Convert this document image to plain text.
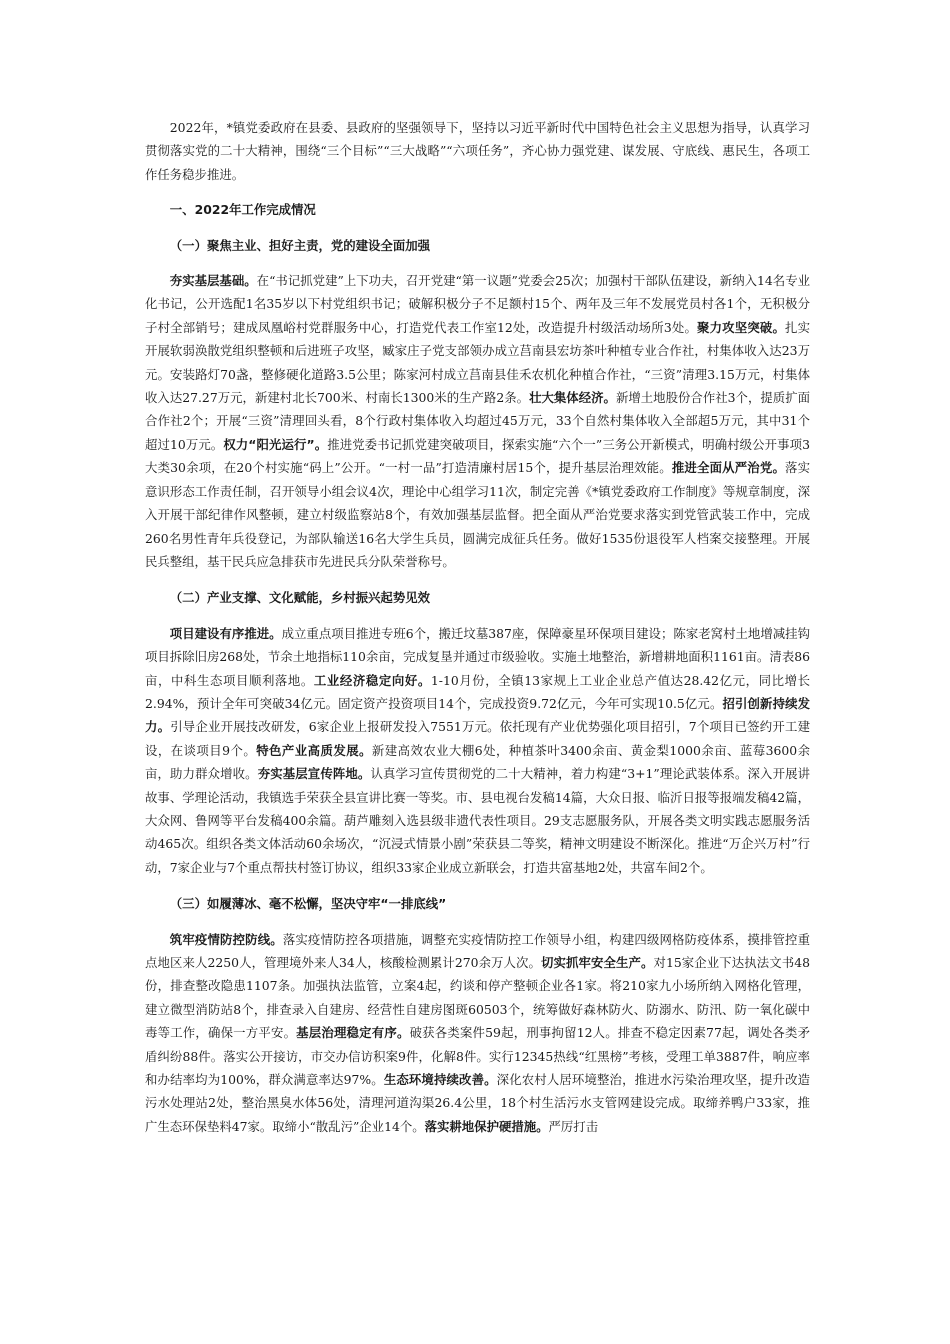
2022年，*镇党委政府在县委、县政府的坚强领导下，坚持以习近平新时代中国特色社会主义思想为指导，认真学习贯彻落实党的二十大精神，围绕“三个目标”“三大战略”“六项任务”，齐心协力强党建、谋发展、守底线、惠民生，各项工作任务稳步推进。

一、2022年工作完成情况

（一）聚焦主业、担好主责，党的建设全面加强

夯实基层基础。在“书记抓党建”上下功夫，召开党建“第一议题”党委会25次；加强村干部队伍建设，新纳入14名专业化书记，公开选配1名35岁以下村党组织书记；破解积极分子不足额村15个、两年及三年不发展党员村各1个，无积极分子村全部销号；建成凤凰峪村党群服务中心，打造党代表工作室12处，改造提升村级活动场所3处。聚力攻坚突破。扎实开展软弱涣散党组织整顿和后进班子攻坚，臧家庄子党支部领办成立莒南县宏坊茶叶种植专业合作社，村集体收入达23万元。安装路灯70盏，整修硬化道路3.5公里；陈家河村成立莒南县佳禾农机化种植合作社，“三资”清理3.15万元，村集体收入达27.27万元，新建村北长700米、村南长1300米的生产路2条。壮大集体经济。新增土地股份合作社3个，提质扩面合作社2个；开展“三资”清理回头看，8个行政村集体收入均超过45万元，33个自然村集体收入全部超5万元，其中31个超过10万元。权力“阳光运行”。推进党委书记抓党建突破项目，探索实施“六个一”三务公开新模式，明确村级公开事项3大类30余项，在20个村实施“码上”公开。“一村一品”打造清廉村居15个，提升基层治理效能。推进全面从严治党。落实意识形态工作责任制，召开领导小组会议4次，理论中心组学习11次，制定完善《*镇党委政府工作制度》等规章制度，深入开展干部纪律作风整顿，建立村级监察站8个，有效加强基层监督。把全面从严治党要求落实到党管武装工作中，完成260名男性青年兵役登记，为部队输送16名大学生兵员，圆满完成征兵任务。做好1535份退役军人档案交接整理。开展民兵整组，基干民兵应急排获市先进民兵分队荣誉称号。

（二）产业支撑、文化赋能，乡村振兴起势见效

项目建设有序推进。成立重点项目推进专班6个，搬迁坟墓387座，保障豪星环保项目建设；陈家老窝村土地增减挂钩项目拆除旧房268处，节余土地指标110余亩，完成复垦并通过市级验收。实施土地整治，新增耕地面积1161亩。清表86亩，中科生态项目顺利落地。工业经济稳定向好。1-10月份，全镇13家规上工业企业总产值达28.42亿元，同比增长2.94%，预计全年可突破34亿元。固定资产投资项目14个，完成投资9.72亿元，今年可实现10.5亿元。招引创新持续发力。引导企业开展技改研发，6家企业上报研发投入7551万元。依托现有产业优势强化项目招引，7个项目已签约开工建设，在谈项目9个。特色产业高质发展。新建高效农业大棚6处，种植茶叶3400余亩、黄金梨1000余亩、蓝莓3600余亩，助力群众增收。夯实基层宣传阵地。认真学习宣传贯彻党的二十大精神，着力构建“3+1”理论武装体系。深入开展讲故事、学理论活动，我镇选手荣获全县宣讲比赛一等奖。市、县电视台发稿14篇，大众日报、临沂日报等报端发稿42篇，大众网、鲁网等平台发稿400余篇。葫芦雕刻入选县级非遗代表性项目。29支志愿服务队，开展各类文明实践志愿服务活动465次。组织各类文体活动60余场次，“沉浸式情景小剧”荣获县二等奖，精神文明建设不断深化。推进“万企兴万村”行动，7家企业与7个重点帮扶村签订协议，组织33家企业成立新联会，打造共富基地2处，共富车间2个。

（三）如履薄冰、毫不松懈，坚决守牢“一排底线”

筑牢疫情防控防线。落实疫情防控各项措施，调整充实疫情防控工作领导小组，构建四级网格防疫体系，摸排管控重点地区来人2250人，管理境外来人34人，核酸检测累计270余万人次。切实抓牢安全生产。对15家企业下达执法文书48份，排查整改隐患1107条。加强执法监管，立案4起，约谈和停产整顿企业各1家。将210家九小场所纳入网格化管理，建立微型消防站8个，排查录入自建房、经营性自建房图斑60503个，统筹做好森林防火、防溺水、防汛、防一氧化碳中毒等工作，确保一方平安。基层治理稳定有序。破获各类案件59起，刑事拘留12人。排查不稳定因素77起，调处各类矛盾纠纷88件。落实公开接访，市交办信访积案9件，化解8件。实行12345热线“红黑榜”考核，受理工单3887件，响应率和办结率均为100%，群众满意率达97%。生态环境持续改善。深化农村人居环境整治，推进水污染治理攻坚，提升改造污水处理站2处，整治黑臭水体56处，清理河道沟渠26.4公里，18个村生活污水支管网建设完成。取缔养鸭户33家，推广生态环保垫料47家。取缔小“散乱污”企业14个。落实耕地保护硬措施。严厉打击
